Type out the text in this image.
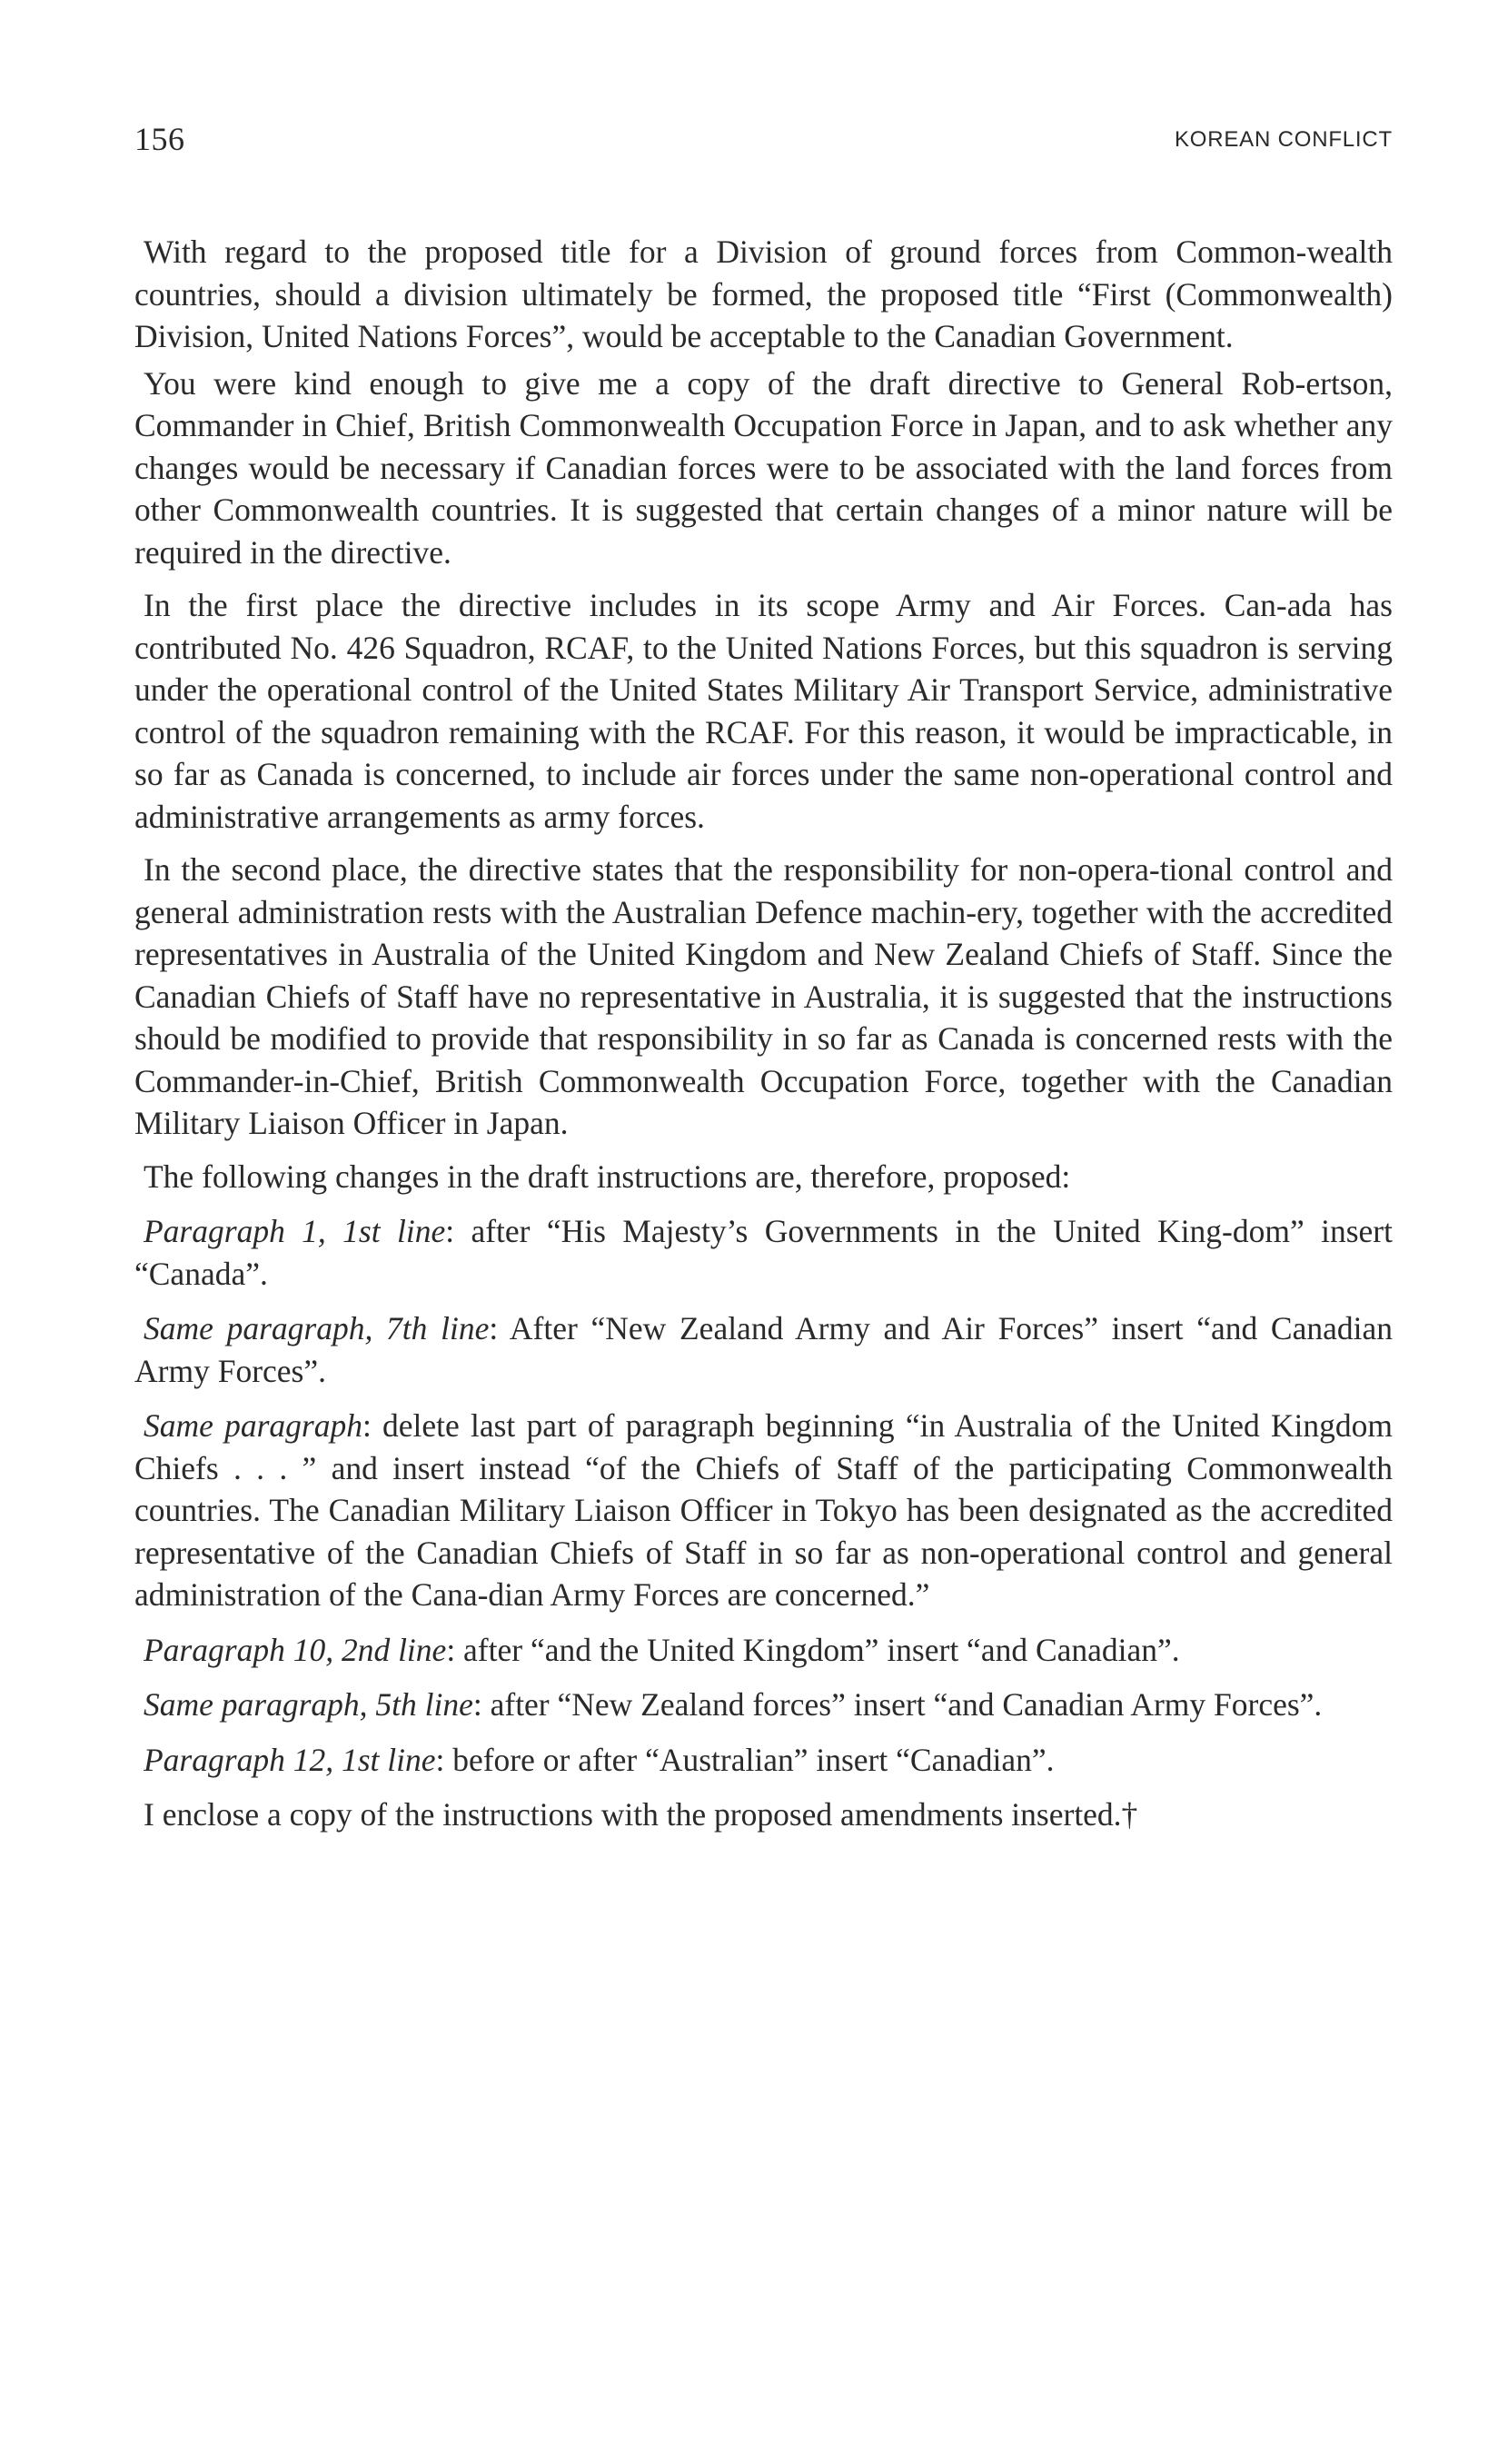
156	KOREAN CONFLICT

With regard to the proposed title for a Division of ground forces from Common-wealth countries, should a division ultimately be formed, the proposed title “First (Commonwealth) Division, United Nations Forces”, would be acceptable to the Canadian Government.

You were kind enough to give me a copy of the draft directive to General Rob-ertson, Commander in Chief, British Commonwealth Occupation Force in Japan, and to ask whether any changes would be necessary if Canadian forces were to be associated with the land forces from other Commonwealth countries. It is suggested that certain changes of a minor nature will be required in the directive.

In the first place the directive includes in its scope Army and Air Forces. Can-ada has contributed No. 426 Squadron, RCAF, to the United Nations Forces, but this squadron is serving under the operational control of the United States Military Air Transport Service, administrative control of the squadron remaining with the RCAF. For this reason, it would be impracticable, in so far as Canada is concerned, to include air forces under the same non-operational control and administrative arrangements as army forces.

In the second place, the directive states that the responsibility for non-opera-tional control and general administration rests with the Australian Defence machin-ery, together with the accredited representatives in Australia of the United Kingdom and New Zealand Chiefs of Staff. Since the Canadian Chiefs of Staff have no representative in Australia, it is suggested that the instructions should be modified to provide that responsibility in so far as Canada is concerned rests with the Commander-in-Chief, British Commonwealth Occupation Force, together with the Canadian Military Liaison Officer in Japan.

The following changes in the draft instructions are, therefore, proposed:

Paragraph 1, 1st line: after “His Majesty’s Governments in the United King-dom” insert “Canada”.

Same paragraph, 7th line: After “New Zealand Army and Air Forces” insert “and Canadian Army Forces”.

Same paragraph: delete last part of paragraph beginning “in Australia of the United Kingdom Chiefs . . . ” and insert instead “of the Chiefs of Staff of the participating Commonwealth countries. The Canadian Military Liaison Officer in Tokyo has been designated as the accredited representative of the Canadian Chiefs of Staff in so far as non-operational control and general administration of the Cana-dian Army Forces are concerned.”

Paragraph 10, 2nd line: after “and the United Kingdom” insert “and Canadian”.

Same paragraph, 5th line: after “New Zealand forces” insert “and Canadian Army Forces”.

Paragraph 12, 1st line: before or after “Australian” insert “Canadian”.

I enclose a copy of the instructions with the proposed amendments inserted.†
